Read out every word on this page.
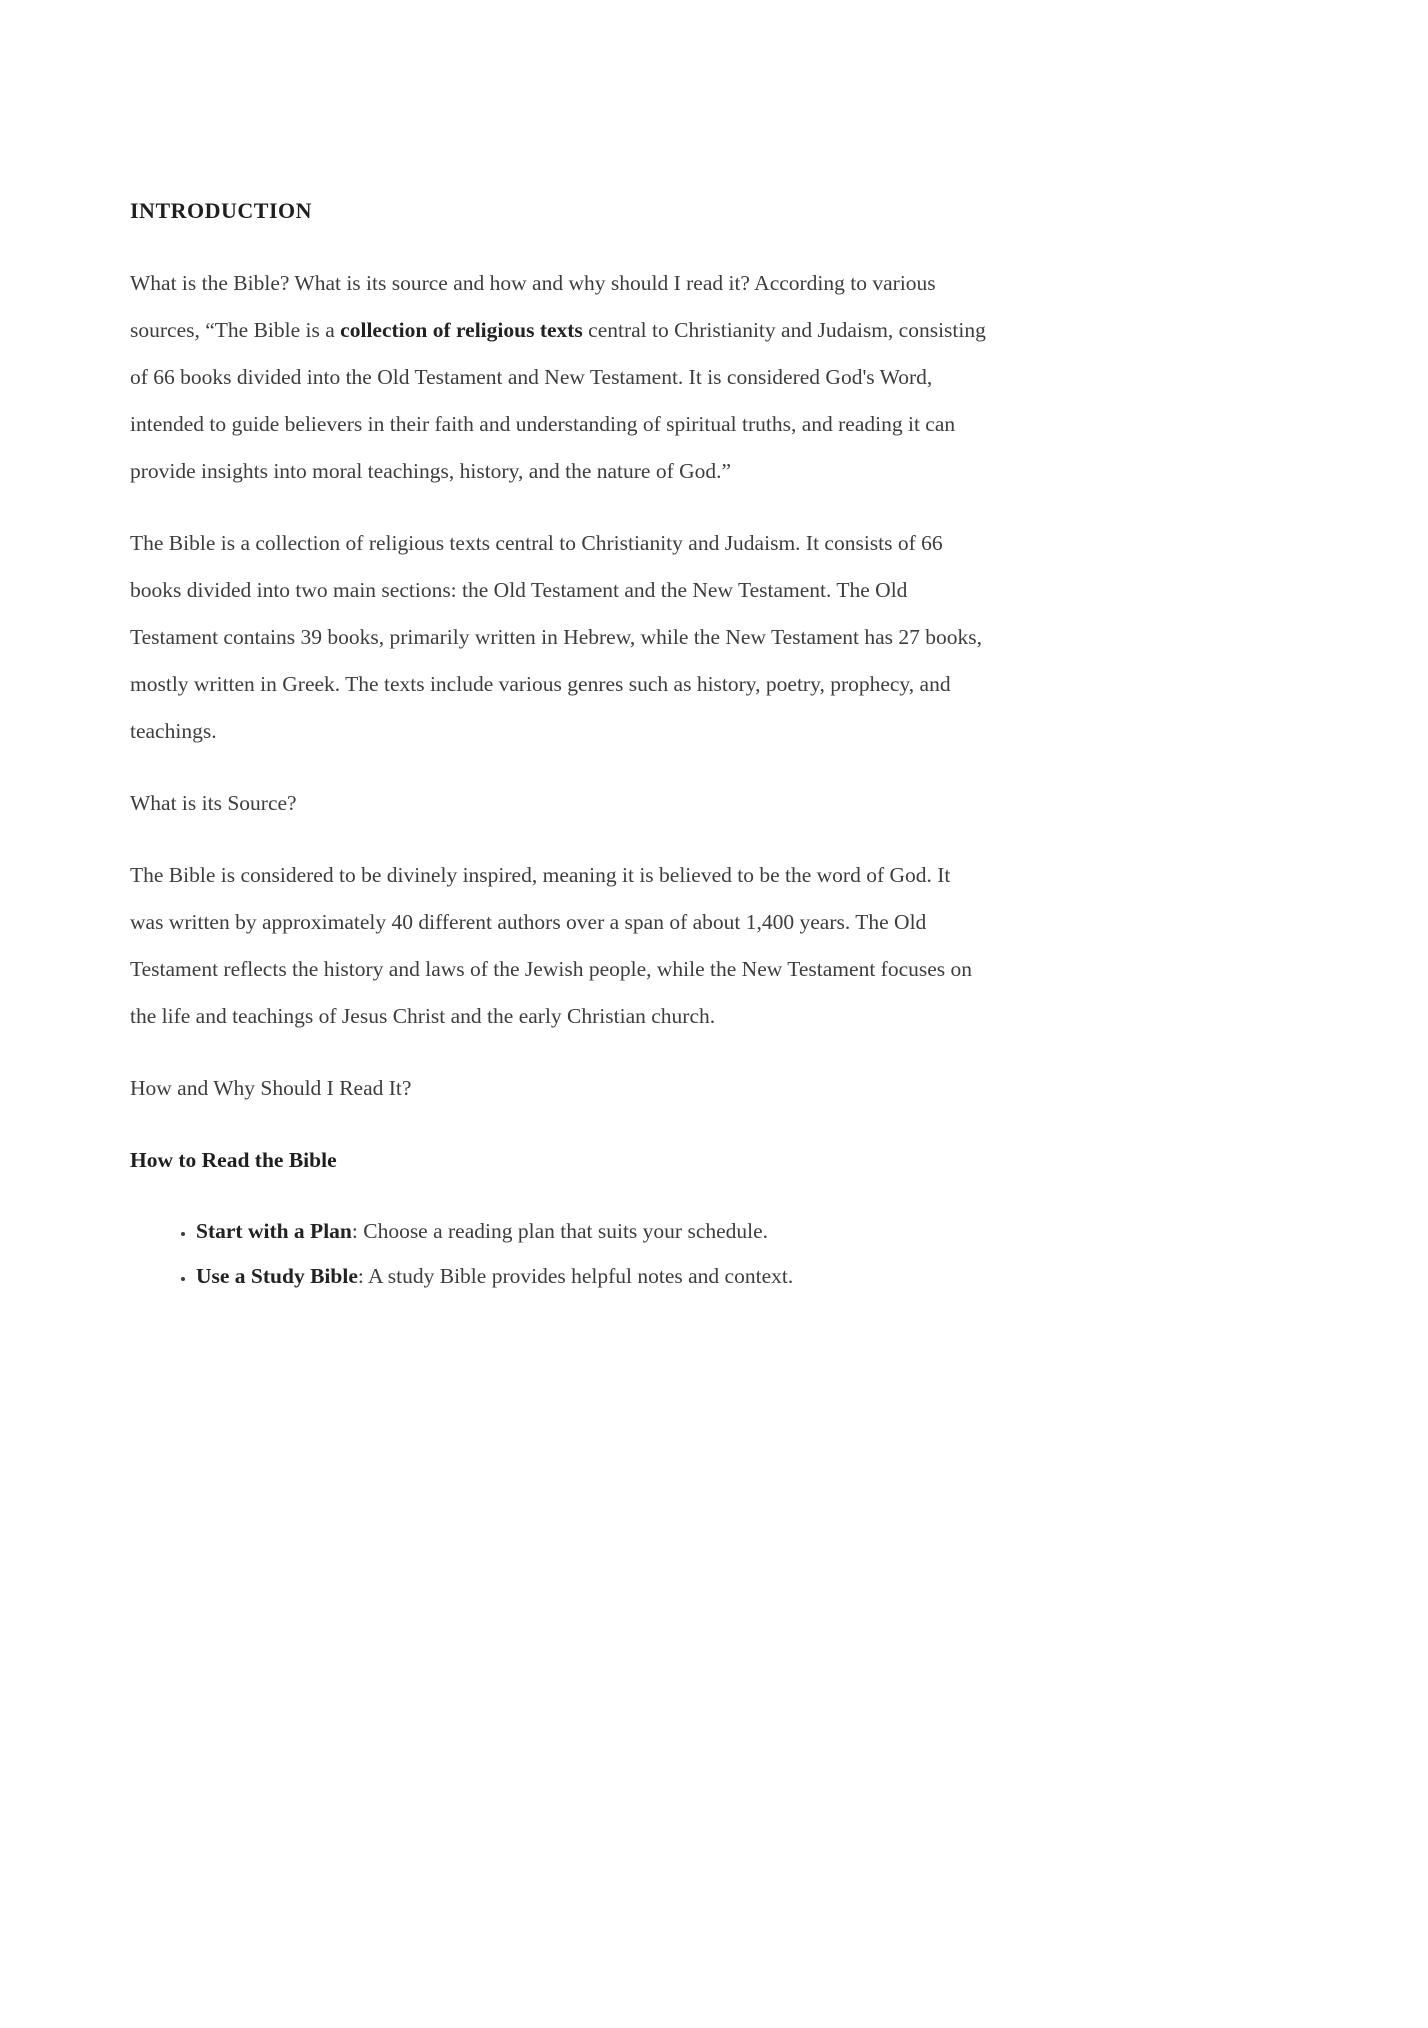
INTRODUCTION

What is the Bible? What is its source and how and why should I read it? According to various sources, “The Bible is a collection of religious texts central to Christianity and Judaism, consisting of 66 books divided into the Old Testament and New Testament. It is considered God's Word, intended to guide believers in their faith and understanding of spiritual truths, and reading it can provide insights into moral teachings, history, and the nature of God.”

The Bible is a collection of religious texts central to Christianity and Judaism. It consists of 66 books divided into two main sections: the Old Testament and the New Testament. The Old Testament contains 39 books, primarily written in Hebrew, while the New Testament has 27 books, mostly written in Greek. The texts include various genres such as history, poetry, prophecy, and teachings.

What is its Source?

The Bible is considered to be divinely inspired, meaning it is believed to be the word of God. It was written by approximately 40 different authors over a span of about 1,400 years. The Old Testament reflects the history and laws of the Jewish people, while the New Testament focuses on the life and teachings of Jesus Christ and the early Christian church.

How and Why Should I Read It?

How to Read the Bible

• Start with a Plan: Choose a reading plan that suits your schedule.
• Use a Study Bible: A study Bible provides helpful notes and context.
